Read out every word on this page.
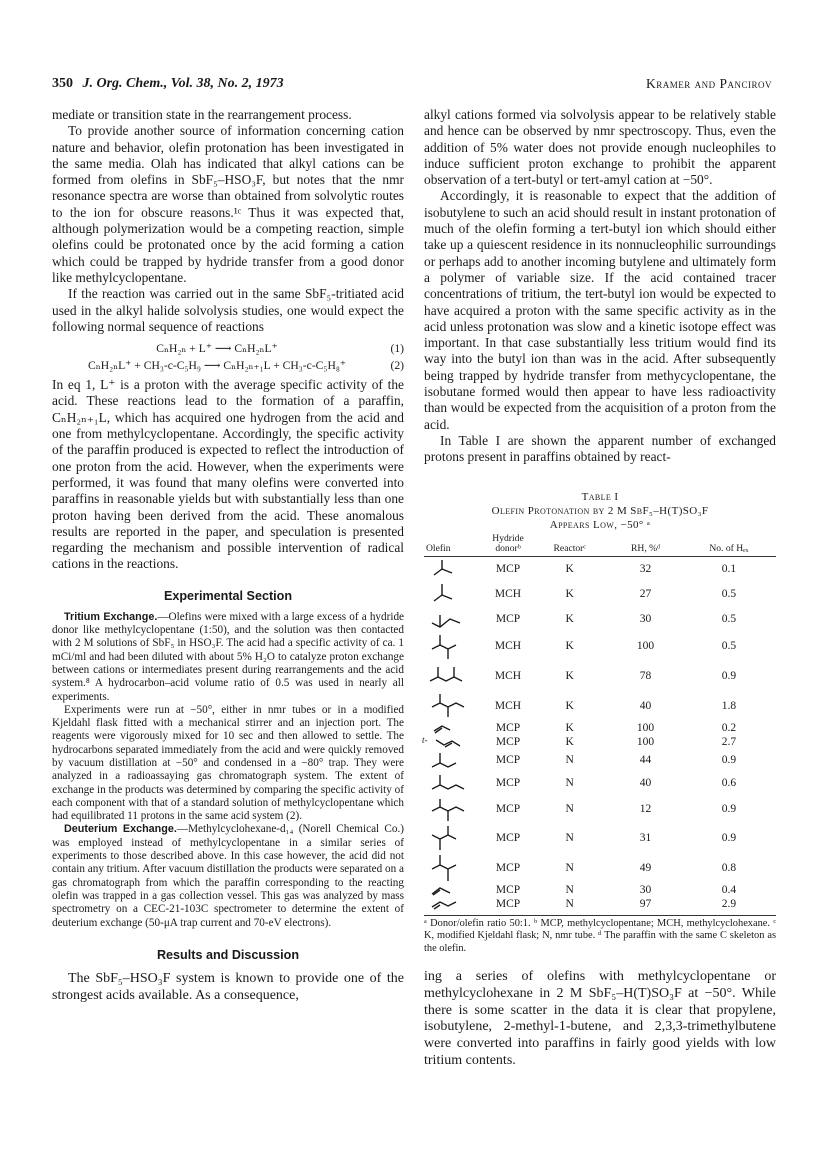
350 J. Org. Chem., Vol. 38, No. 2, 1973	Kramer and Pancirov

mediate or transition state in the rearrangement process.

To provide another source of information concerning cation nature and behavior, olefin protonation has been investigated in the same media. Olah has indicated that alkyl cations can be formed from olefins in SbF₅–HSO₃F, but notes that the nmr resonance spectra are worse than obtained from solvolytic routes to the ion for obscure reasons.¹ᶜ Thus it was expected that, although polymerization would be a competing reaction, simple olefins could be protonated once by the acid forming a cation which could be trapped by hydride transfer from a good donor like methylcyclopentane.

If the reaction was carried out in the same SbF₅-tritiated acid used in the alkyl halide solvolysis studies, one would expect the following normal sequence of reactions

CₙH₂ₙ + L⁺ ⟶ CₙH₂ₙL⁺	(1)
CₙH₂ₙL⁺ + CH₃-c-C₅H₉ ⟶ CₙH₂ₙ₊₁L + CH₃-c-C₅H₈⁺	(2)

In eq 1, L⁺ is a proton with the average specific activity of the acid. These reactions lead to the formation of a paraffin, CₙH₂ₙ₊₁L, which has acquired one hydrogen from the acid and one from methylcyclopentane. Accordingly, the specific activity of the paraffin produced is expected to reflect the introduction of one proton from the acid. However, when the experiments were performed, it was found that many olefins were converted into paraffins in reasonable yields but with substantially less than one proton having been derived from the acid. These anomalous results are reported in the paper, and speculation is presented regarding the mechanism and possible intervention of radical cations in the reactions.

Experimental Section

Tritium Exchange.—Olefins were mixed with a large excess of a hydride donor like methylcyclopentane (1:50), and the solution was then contacted with 2 M solutions of SbF₅ in HSO₃F. The acid had a specific activity of ca. 1 mCi/ml and had been diluted with about 5% H₂O to catalyze proton exchange between cations or intermediates present during rearrangements and the acid system.⁸ A hydrocarbon–acid volume ratio of 0.5 was used in nearly all experiments.

Experiments were run at −50°, either in nmr tubes or in a modified Kjeldahl flask fitted with a mechanical stirrer and an injection port. The reagents were vigorously mixed for 10 sec and then allowed to settle. The hydrocarbons separated immediately from the acid and were quickly removed by vacuum distillation at −50° and condensed in a −80° trap. They were analyzed in a radioassaying gas chromatograph system. The extent of exchange in the products was determined by comparing the specific activity of each component with that of a standard solution of methylcyclopentane which had equilibrated 11 protons in the same acid system (2).

Deuterium Exchange.—Methylcyclohexane-d₁₄ (Norell Chemical Co.) was employed instead of methylcyclopentane in a similar series of experiments to those described above. In this case however, the acid did not contain any tritium. After vacuum distillation the products were separated on a gas chromatograph from which the paraffin corresponding to the reacting olefin was trapped in a gas collection vessel. This gas was analyzed by mass spectrometry on a CEC-21-103C spectrometer to determine the extent of deuterium exchange (50-μA trap current and 70-eV electrons).

Results and Discussion

The SbF₅–HSO₃F system is known to provide one of the strongest acids available. As a consequence,

alkyl cations formed via solvolysis appear to be relatively stable and hence can be observed by nmr spectroscopy. Thus, even the addition of 5% water does not provide enough nucleophiles to induce sufficient proton exchange to prohibit the apparent observation of a tert-butyl or tert-amyl cation at −50°.

Accordingly, it is reasonable to expect that the addition of isobutylene to such an acid should result in instant protonation of much of the olefin forming a tert-butyl ion which should either take up a quiescent residence in its nonnucleophilic surroundings or perhaps add to another incoming butylene and ultimately form a polymer of variable size. If the acid contained tracer concentrations of tritium, the tert-butyl ion would be expected to have acquired a proton with the same specific activity as in the acid unless protonation was slow and a kinetic isotope effect was important. In that case substantially less tritium would find its way into the butyl ion than was in the acid. After subsequently being trapped by hydride transfer from methycyclopentane, the isobutane formed would then appear to have less radioactivity than would be expected from the acquisition of a proton from the acid.

In Table I are shown the apparent number of exchanged protons present in paraffins obtained by react-

Table I
Olefin Protonation by 2 M SbF₅–H(T)SO₃F
Appears Low, −50° ᵃ
Olefin	Hydride donorᵇ	Reactorᶜ	RH, %ᵈ	No. of Hₑₓ

	MCP	K	32	0.1

	MCH	K	27	0.5

	MCP	K	30	0.5

	MCH	K	100	0.5

	MCH	K	78	0.9

	MCH	K	40	1.8

	MCP	K	100	0.2

t-	MCP	K	100	2.7

	MCP	N	44	0.9

	MCP	N	40	0.6

	MCP	N	12	0.9

	MCP	N	31	0.9

	MCP	N	49	0.8

	MCP	N	30	0.4

	MCP	N	97	2.9
ᵃ Donor/olefin ratio 50:1. ᵇ MCP, methylcyclopentane; MCH, methylcyclohexane. ᶜ K, modified Kjeldahl flask; N, nmr tube. ᵈ The paraffin with the same C skeleton as the olefin.

ing a series of olefins with methylcyclopentane or methylcyclohexane in 2 M SbF₅–H(T)SO₃F at −50°. While there is some scatter in the data it is clear that propylene, isobutylene, 2-methyl-1-butene, and 2,3,3-trimethylbutene were converted into paraffins in fairly good yields with low tritium contents.
